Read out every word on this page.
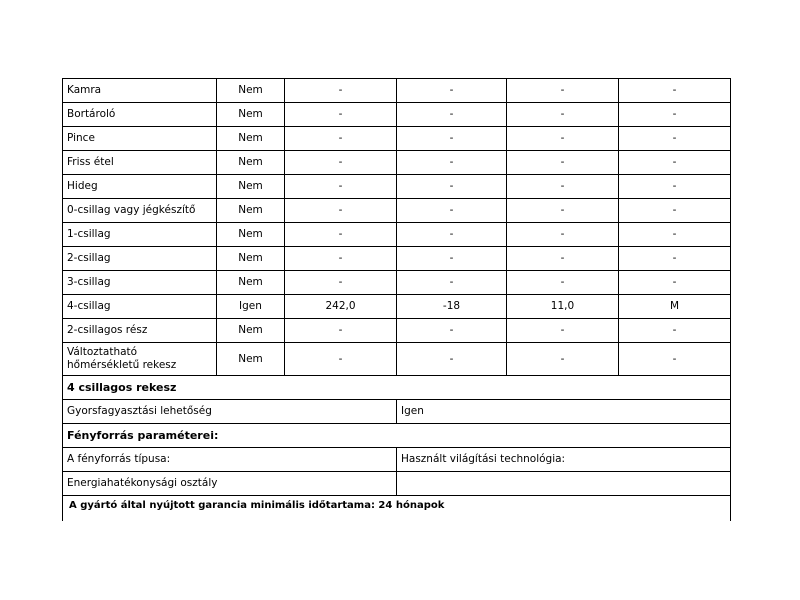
Kamra	Nem	-	-	-	-
Bortároló	Nem	-	-	-	-
Pince	Nem	-	-	-	-
Friss étel	Nem	-	-	-	-
Hideg	Nem	-	-	-	-
0-csillag vagy jégkészítő	Nem	-	-	-	-
1-csillag	Nem	-	-	-	-
2-csillag	Nem	-	-	-	-
3-csillag	Nem	-	-	-	-
4-csillag	Igen	242,0	-18	11,0	M
2-csillagos rész	Nem	-	-	-	-
Változtatható hőmérsékletű rekesz	Nem	-	-	-	-
4 csillagos rekesz					
Gyorsfagyasztási lehetőség			Igen		
Fényforrás paraméterei:					
A fényforrás típusa:			Használt világítási technológia:		
Energiahatékonysági osztály					
A gyártó által nyújtott garancia minimális időtartama: 24 hónapok					
